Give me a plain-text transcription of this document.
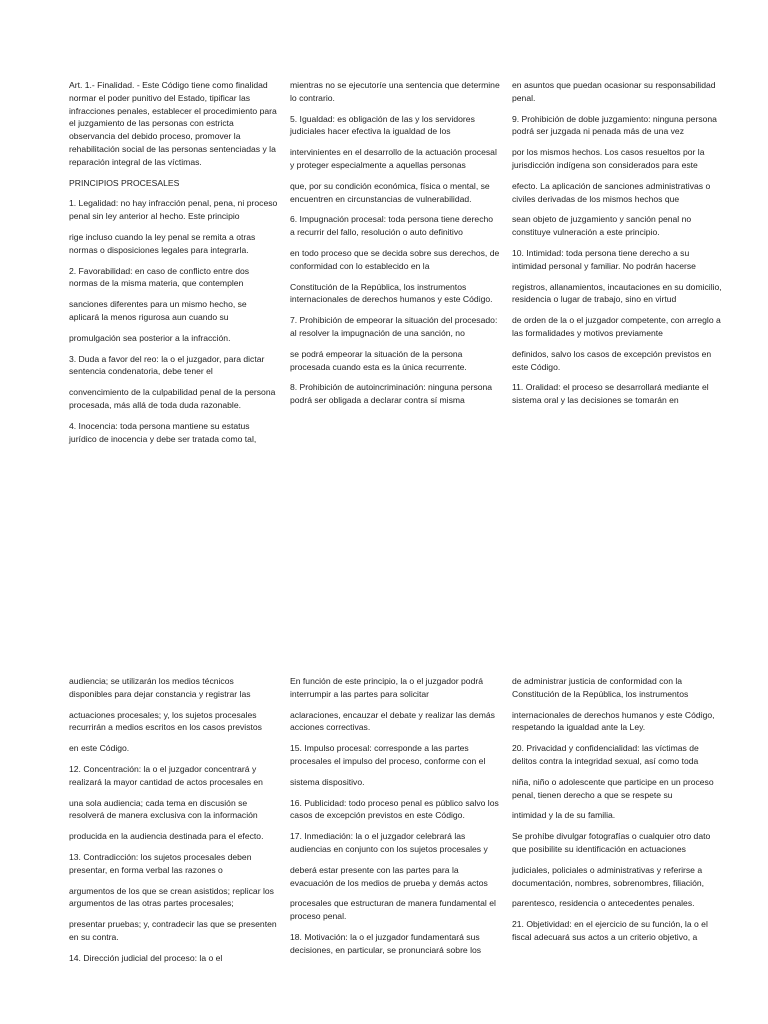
Art. 1.- Finalidad. - Este Código tiene como finalidad normar el poder punitivo del Estado, tipificar las infracciones penales, establecer el procedimiento para el juzgamiento de las personas con estricta observancia del debido proceso, promover la rehabilitación social de las personas sentenciadas y la reparación integral de las víctimas.

PRINCIPIOS PROCESALES

1. Legalidad: no hay infracción penal, pena, ni proceso penal sin ley anterior al hecho. Este principio

rige incluso cuando la ley penal se remita a otras normas o disposiciones legales para integrarla.

2. Favorabilidad: en caso de conflicto entre dos normas de la misma materia, que contemplen

sanciones diferentes para un mismo hecho, se aplicará la menos rigurosa aun cuando su

promulgación sea posterior a la infracción.

3. Duda a favor del reo: la o el juzgador, para dictar sentencia condenatoria, debe tener el

convencimiento de la culpabilidad penal de la persona procesada, más allá de toda duda razonable.

4. Inocencia: toda persona mantiene su estatus jurídico de inocencia y debe ser tratada como tal,

mientras no se ejecutoríe una sentencia que determine lo contrario.

5. Igualdad: es obligación de las y los servidores judiciales hacer efectiva la igualdad de los

intervinientes en el desarrollo de la actuación procesal y proteger especialmente a aquellas personas

que, por su condición económica, física o mental, se encuentren en circunstancias de vulnerabilidad.

6. Impugnación procesal: toda persona tiene derecho a recurrir del fallo, resolución o auto definitivo

en todo proceso que se decida sobre sus derechos, de conformidad con lo establecido en la

Constitución de la República, los instrumentos internacionales de derechos humanos y este Código.

7. Prohibición de empeorar la situación del procesado: al resolver la impugnación de una sanción, no

se podrá empeorar la situación de la persona procesada cuando esta es la única recurrente.

8. Prohibición de autoincriminación: ninguna persona podrá ser obligada a declarar contra sí misma

en asuntos que puedan ocasionar su responsabilidad penal.

9. Prohibición de doble juzgamiento: ninguna persona podrá ser juzgada ni penada más de una vez

por los mismos hechos. Los casos resueltos por la jurisdicción indígena son considerados para este

efecto. La aplicación de sanciones administrativas o civiles derivadas de los mismos hechos que

sean objeto de juzgamiento y sanción penal no constituye vulneración a este principio.

10. Intimidad: toda persona tiene derecho a su intimidad personal y familiar. No podrán hacerse

registros, allanamientos, incautaciones en su domicilio, residencia o lugar de trabajo, sino en virtud

de orden de la o el juzgador competente, con arreglo a las formalidades y motivos previamente

definidos, salvo los casos de excepción previstos en este Código.

11. Oralidad: el proceso se desarrollará mediante el sistema oral y las decisiones se tomarán en

audiencia; se utilizarán los medios técnicos disponibles para dejar constancia y registrar las

actuaciones procesales; y, los sujetos procesales recurrirán a medios escritos en los casos previstos

en este Código.

12. Concentración: la o el juzgador concentrará y realizará la mayor cantidad de actos procesales en

una sola audiencia; cada tema en discusión se resolverá de manera exclusiva con la información

producida en la audiencia destinada para el efecto.

13. Contradicción: los sujetos procesales deben presentar, en forma verbal las razones o

argumentos de los que se crean asistidos; replicar los argumentos de las otras partes procesales;

presentar pruebas; y, contradecir las que se presenten en su contra.

14. Dirección judicial del proceso: la o el

En función de este principio, la o el juzgador podrá interrumpir a las partes para solicitar

aclaraciones, encauzar el debate y realizar las demás acciones correctivas.

15. Impulso procesal: corresponde a las partes procesales el impulso del proceso, conforme con el

sistema dispositivo.

16. Publicidad: todo proceso penal es público salvo los casos de excepción previstos en este Código.

17. Inmediación: la o el juzgador celebrará las audiencias en conjunto con los sujetos procesales y

deberá estar presente con las partes para la evacuación de los medios de prueba y demás actos

procesales que estructuran de manera fundamental el proceso penal.

18. Motivación: la o el juzgador fundamentará sus decisiones, en particular, se pronunciará sobre los

de administrar justicia de conformidad con la Constitución de la República, los instrumentos

internacionales de derechos humanos y este Código, respetando la igualdad ante la Ley.

20. Privacidad y confidencialidad: las víctimas de delitos contra la integridad sexual, así como toda

niña, niño o adolescente que participe en un proceso penal, tienen derecho a que se respete su

intimidad y la de su familia.

Se prohíbe divulgar fotografías o cualquier otro dato que posibilite su identificación en actuaciones

judiciales, policiales o administrativas y referirse a documentación, nombres, sobrenombres, filiación,

parentesco, residencia o antecedentes penales.

21. Objetividad: en el ejercicio de su función, la o el fiscal adecuará sus actos a un criterio objetivo, a
